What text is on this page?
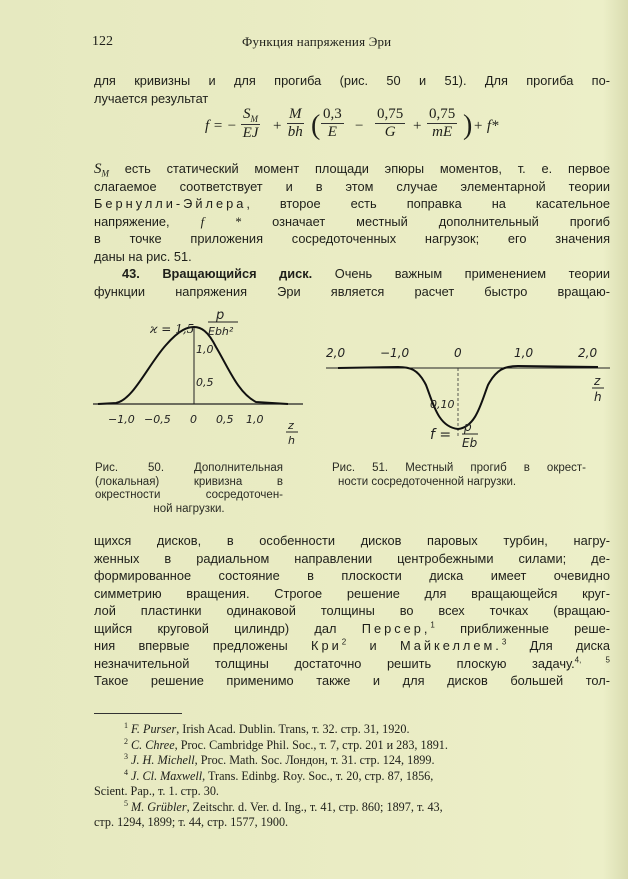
122	Функция напряжения Эри
для кривизны и для прогиба (рис. 50 и 51). Для прогиба по-
лучается результат
f = − $\frac{S_M}{EJ} + \frac{M}{bh}$ ( $\frac{0,3}{E} - \frac{0,75}{G} + \frac{0,75}{mE}$ ) + f*
$S_M$ есть статический момент площади эпюры моментов, т. е. первое
слагаемое соответствует и в этом случае элементарной теории
Бернулли-Эйлера, второе есть поправка на касательное
напряжение, f * означает местный дополнительный прогиб
в точке приложения сосредоточенных нагрузок; его значения
даны на рис. 51.
43. Вращающийся диск. Очень важным применением теории
функции напряжения Эри является расчет быстро вращаю-
ϰ = 1,5
p
Ebh²
1,0
0,5
−1,0 −0,5 0 0,5 1,0 z
h
2,0	−1,0	0	1,0	2,0
z
h
0,10
f = p
Eb
Рис. 50. Дополнительная
(локальная) кривизна в
окрестности сосредоточен-
ной нагрузки.
Рис. 51. Местный прогиб в окрест-
ности сосредоточенной нагрузки.
щихся дисков, в особенности дисков паровых турбин, нагру-
женных в радиальном направлении центробежными силами; де-
формированное состояние в плоскости диска имеет очевидно
симметрию вращения. Строгое решение для вращающейся круг-
лой пластинки одинаковой толщины во всех точках (вращаю-
щийся круговой цилиндр) дал Персер,$^1$ приближенные реше-
ния впервые предложены Кри$^2$ и Майкеллем.$^3$ Для диска
незначительной толщины достаточно решить плоскую задачу.$^{4, 5}$
Такое решение применимо также и для дисков большей тол-
$^1$ F. Purser, Irish Acad. Dublin. Trans, т. 32. стр. 31, 1920.
$^2$ C. Chree, Proc. Cambridge Phil. Soc., т. 7, стр. 201 и 283, 1891.
$^3$ J. H. Michell, Proc. Math. Soc. Лондон, т. 31. стр. 124, 1899.
$^4$ J. Cl. Maxwell, Trans. Edinbg. Roy. Soc., т. 20, стр. 87, 1856,
Scient. Pap., т. 1. стр. 30.
$^5$ M. Grübler, Zeitschr. d. Ver. d. Ing., т. 41, стр. 860; 1897, т. 43,
стр. 1294, 1899; т. 44, стр. 1577, 1900.
